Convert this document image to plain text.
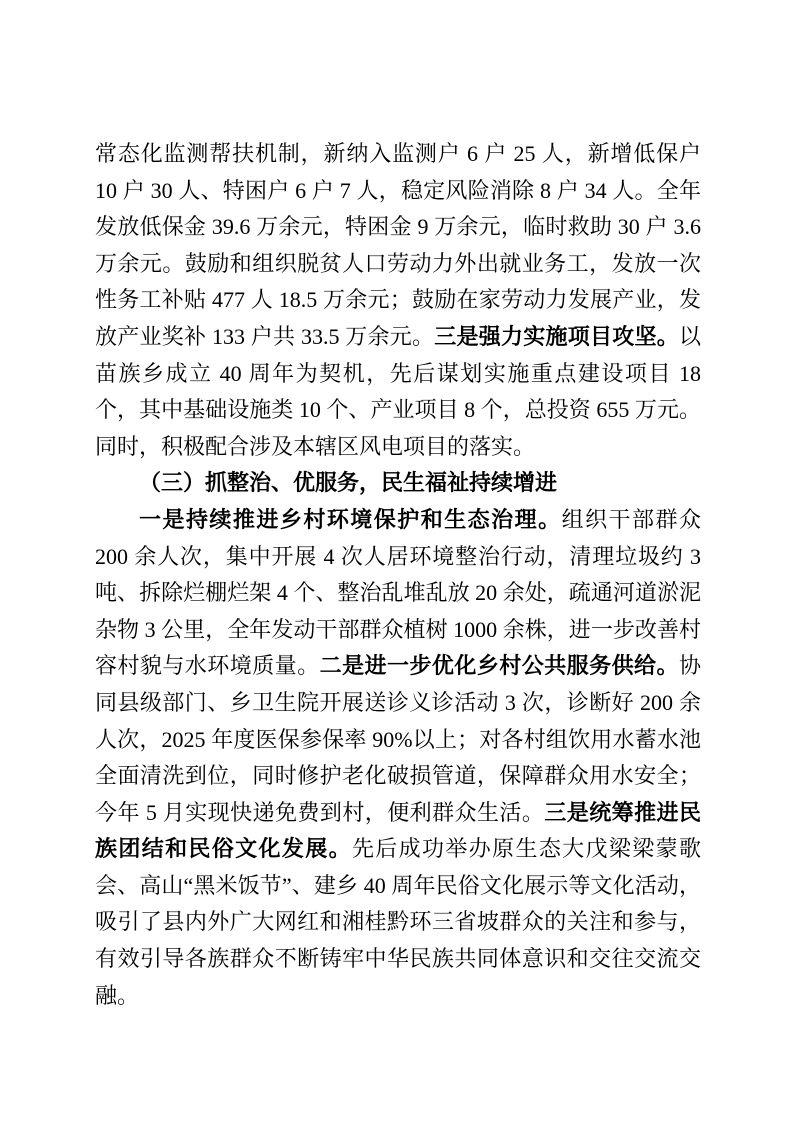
常态化监测帮扶机制，新纳入监测户 6 户 25 人，新增低保户 10 户 30 人、特困户 6 户 7 人，稳定风险消除 8 户 34 人。全年发放低保金 39.6 万余元，特困金 9 万余元，临时救助 30 户 3.6 万余元。鼓励和组织脱贫人口劳动力外出就业务工，发放一次性务工补贴 477 人 18.5 万余元；鼓励在家劳动力发展产业，发放产业奖补 133 户共 33.5 万余元。三是强力实施项目攻坚。以苗族乡成立 40 周年为契机，先后谋划实施重点建设项目 18 个，其中基础设施类 10 个、产业项目 8 个，总投资 655 万元。同时，积极配合涉及本辖区风电项目的落实。

（三）抓整治、优服务，民生福祉持续增进

一是持续推进乡村环境保护和生态治理。组织干部群众 200 余人次，集中开展 4 次人居环境整治行动，清理垃圾约 3 吨、拆除烂棚烂架 4 个、整治乱堆乱放 20 余处，疏通河道淤泥杂物 3 公里，全年发动干部群众植树 1000 余株，进一步改善村容村貌与水环境质量。二是进一步优化乡村公共服务供给。协同县级部门、乡卫生院开展送诊义诊活动 3 次，诊断好 200 余人次，2025 年度医保参保率 90%以上；对各村组饮用水蓄水池全面清洗到位，同时修护老化破损管道，保障群众用水安全；今年 5 月实现快递免费到村，便利群众生活。三是统筹推进民族团结和民俗文化发展。先后成功举办原生态大戊梁梁蒙歌会、高山“黑米饭节”、建乡 40 周年民俗文化展示等文化活动，吸引了县内外广大网红和湘桂黔环三省坡群众的关注和参与，有效引导各族群众不断铸牢中华民族共同体意识和交往交流交融。
